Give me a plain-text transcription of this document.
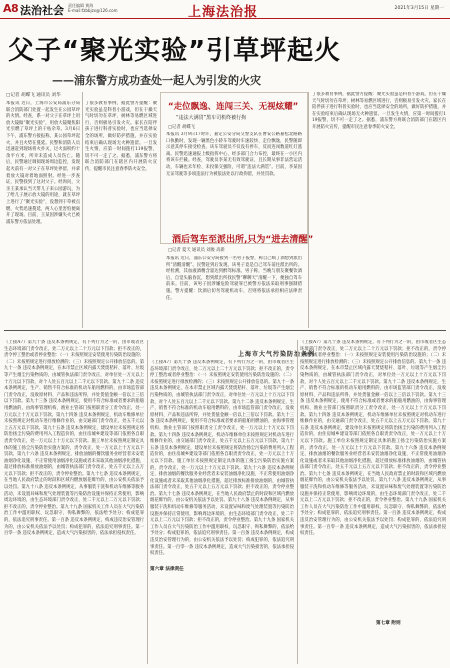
A8 法治社会 责任编辑 黄海
E-mail:fzbbjzx@126.com	上海法治报	2021年3月15日 星期一
父子“聚光实验”引草坪起火
——浦东警方成功查处一起人为引发的火灾
□记者 胡蝶飞 通讯员 刘华
本报讯 近日，上海市公安局浦东分局联合消防部门处置一起发生在公园草坪的火情。经查，系一对父子在草坪上用放大镜做“聚光实验”，用放大镜聚焦阳光引燃了草坪上的干枯杂草。3月6日下午，浦东警方接报称，某公园草坪起火，并且火势在蔓延。民警和消防人员迅速赶到现场将火扑灭，过火面积约十余平方米，所幸未造成人员伤亡。随后，民警通过调阅现场周边监控，发现起火前有一对父子在草坪处停留，并拿着放大镜对着地面照射。经进一步查证，民警找到了这对父子。经询问，父亲王某承认当天带儿子来公园游玩，为了给儿子展示放大镜的用途，就在草坪上进行了“聚光实验”，没想到干草被点燃，火势迅速蔓延，两人心里害怕便离开了现场。目前，王某因涉嫌失火已被浦东警方依法处理。
了很多教育事例，据此警方提醒：聚光实验虽是科普小游戏，但在干燥天气时切勿在草坪、树林等易燃区域进行，否则极易引发火灾。家长在陪伴孩子进行科普实验时，也应当选择安全的场所，做好防护措施，并在实验结束后确认现场无火种遗留。一旦发生火情，应第一时间拨打119报警，切不可一走了之。据悉，浦东警方将联合消防部门在辖区内开展防火宣传，提醒市民注意春季防火安全。
“走位飘逸、连闯三关、无视炫耀”
“违法大满贯”黑车司机终被行拘
□记者 胡蝶飞
本报讯 3月9日17时许，嘉定公安分局交警支队在曹安公路嘉松北路路口执勤时，发现一辆黑色小轿车驾驶时车速较快、走位飘逸，民警随即示意其停车接受检查，该车驾驶员不仅没有停车，反而连闯数道红灯逃离。民警迅速通报上级指挥中心，经多部门合力布控，最终在一小区内将该车拦截。经查，驾驶员李某无有效驾驶证，且长期从事非法营运活动，车辆也未年检、未投保交强险，可谓“违法大满贯”。目前，李某因无证驾驶等多项违法行为被依法处以行政拘留，并处罚款。
酒后驾车至派出所,只为“进去清醒”
□记者 夏天 通讯员 刘俊 高新
本报讯 近日，浦东公安分局接到一名男子报警，称自己喝了酒想到派出所“清醒清醒”。民警赶到后发现，该男子竟是自己驾车前往派出所的。经检测，其血液酒精含量达到醉驾标准。男子称，当晚与朋友聚餐饮酒后，自觉头脑昏沉，想到派出所找民警“聊聊天”清醒一下，便独自驾车前来。目前，该男子因涉嫌危险驾驶罪已被警方依法采取刑事强制措施。警方提醒：饮酒后切勿驾驶机动车，否则将依法承担相应法律责任。
了很多教育事例，据此警方提醒：聚光实验虽是科普小游戏，但在干燥天气时切勿在草坪、树林等易燃区域进行，否则极易引发火灾。家长在陪伴孩子进行科普实验时，也应当选择安全的场所，做好防护措施，并在实验结束后确认现场无火种遗留。一旦发生火情，应第一时间拨打119报警，切不可一走了之。据悉，浦东警方将联合消防部门在辖区内开展防火宣传，提醒市民注意春季防火安全。
上海市大气污染防治条例
（上接A7）第九十条 违反本条例规定，有下列行为之一的，由市或者区生态环境部门责令改正，处二万元以上二十万元以下罚款；拒不改正的，责令停工整治或者停业整治：（一）未按照规定安装使用污染防治设施的；（二）未按照规定进行排放检测的；（三）未按照规定公开排放信息的。第九十一条 违反本条例规定，在本市禁止区域内露天焚烧秸秆、落叶、垃圾等产生烟尘污染物质的，由城管执法部门责令改正，对单位处一万元以上十万元以下罚款，对个人处五百元以上二千元以下罚款。第九十二条 违反本条例规定，生产、销售不符合标准的机动车船用燃料的，由市场监管部门责令改正，没收原材料、产品和违法所得，并处货值金额一倍以上三倍以下罚款。第九十三条 违反本条例规定，使用不符合标准或者要求的船舶用燃油的，由海事管理机构、渔业主管部门按照职责分工责令改正，处一万元以上十万元以下罚款。第九十四条 违反本条例规定，机动车维修单位未按照规定对机动车进行维修作业的，由交通部门责令改正，处五千元以上五万元以下罚款。第九十五条 违反本条例规定，建设单位未按照规定将防治扬尘污染的费用列入工程造价的，由住房城乡建设等部门依照各自职责责令改正，处一万元以上十万元以下罚款。施工单位未按照规定制定具体的施工扬尘污染防治实施方案的，责令改正，处一万元以上十万元以下罚款。第九十六条 违反本条例规定，排放油烟的餐饮服务业经营者未安装油烟净化设施、不正常使用油烟净化设施或者未采取其他油烟净化措施，超过排放标准排放油烟的，由城管执法部门责令改正，处五千元以上五万元以下罚款；拒不改正的，责令停业整治。第九十七条 违反本条例规定，在当地人民政府禁止的时段和区域内燃放烟花爆竹的，由公安机关依法予以处罚。第九十八条 违反本条例规定，从事服装干洗和机动车维修等服务活动，未设置异味和废气处理装置等污染防治设施并保持正常使用，影响周边环境的，由生态环境部门责令改正，处二千元以上二万元以下罚款；拒不改正的，责令停业整治。第九十九条 国家机关工作人员在大气污染防治工作中滥用职权、玩忽职守、徇私舞弊的，依法给予处分；构成犯罪的，依法追究刑事责任。第一百条 违反本条例规定，构成违反治安管理行为的，由公安机关依法予以处罚；构成犯罪的，依法追究刑事责任。第一百零一条 违反本条例规定，造成大气污染损害的，依法承担侵权责任。
（上接A7）第九十条 违反本条例规定，有下列行为之一的，由市或者区生态环境部门责令改正，处二万元以上二十万元以下罚款；拒不改正的，责令停工整治或者停业整治：（一）未按照规定安装使用污染防治设施的；（二）未按照规定进行排放检测的；（三）未按照规定公开排放信息的。第九十一条 违反本条例规定，在本市禁止区域内露天焚烧秸秆、落叶、垃圾等产生烟尘污染物质的，由城管执法部门责令改正，对单位处一万元以上十万元以下罚款，对个人处五百元以上二千元以下罚款。第九十二条 违反本条例规定，生产、销售不符合标准的机动车船用燃料的，由市场监管部门责令改正，没收原材料、产品和违法所得，并处货值金额一倍以上三倍以下罚款。第九十三条 违反本条例规定，使用不符合标准或者要求的船舶用燃油的，由海事管理机构、渔业主管部门按照职责分工责令改正，处一万元以上十万元以下罚款。第九十四条 违反本条例规定，机动车维修单位未按照规定对机动车进行维修作业的，由交通部门责令改正，处五千元以上五万元以下罚款。第九十五条 违反本条例规定，建设单位未按照规定将防治扬尘污染的费用列入工程造价的，由住房城乡建设等部门依照各自职责责令改正，处一万元以上十万元以下罚款。施工单位未按照规定制定具体的施工扬尘污染防治实施方案的，责令改正，处一万元以上十万元以下罚款。第九十六条 违反本条例规定，排放油烟的餐饮服务业经营者未安装油烟净化设施、不正常使用油烟净化设施或者未采取其他油烟净化措施，超过排放标准排放油烟的，由城管执法部门责令改正，处五千元以上五万元以下罚款；拒不改正的，责令停业整治。第九十七条 违反本条例规定，在当地人民政府禁止的时段和区域内燃放烟花爆竹的，由公安机关依法予以处罚。第九十八条 违反本条例规定，从事服装干洗和机动车维修等服务活动，未设置异味和废气处理装置等污染防治设施并保持正常使用，影响周边环境的，由生态环境部门责令改正，处二千元以上二万元以下罚款；拒不改正的，责令停业整治。第九十九条 国家机关工作人员在大气污染防治工作中滥用职权、玩忽职守、徇私舞弊的，依法给予处分；构成犯罪的，依法追究刑事责任。第一百条 违反本条例规定，构成违反治安管理行为的，由公安机关依法予以处罚；构成犯罪的，依法追究刑事责任。第一百零一条 违反本条例规定，造成大气污染损害的，依法承担侵权责任。
第六章 法律责任
（上接A7）第九十条 违反本条例规定，有下列行为之一的，由市或者区生态环境部门责令改正，处二万元以上二十万元以下罚款；拒不改正的，责令停工整治或者停业整治：（一）未按照规定安装使用污染防治设施的；（二）未按照规定进行排放检测的；（三）未按照规定公开排放信息的。第九十一条 违反本条例规定，在本市禁止区域内露天焚烧秸秆、落叶、垃圾等产生烟尘污染物质的，由城管执法部门责令改正，对单位处一万元以上十万元以下罚款，对个人处五百元以上二千元以下罚款。第九十二条 违反本条例规定，生产、销售不符合标准的机动车船用燃料的，由市场监管部门责令改正，没收原材料、产品和违法所得，并处货值金额一倍以上三倍以下罚款。第九十三条 违反本条例规定，使用不符合标准或者要求的船舶用燃油的，由海事管理机构、渔业主管部门按照职责分工责令改正，处一万元以上十万元以下罚款。第九十四条 违反本条例规定，机动车维修单位未按照规定对机动车进行维修作业的，由交通部门责令改正，处五千元以上五万元以下罚款。第九十五条 违反本条例规定，建设单位未按照规定将防治扬尘污染的费用列入工程造价的，由住房城乡建设等部门依照各自职责责令改正，处一万元以上十万元以下罚款。施工单位未按照规定制定具体的施工扬尘污染防治实施方案的，责令改正，处一万元以上十万元以下罚款。第九十六条 违反本条例规定，排放油烟的餐饮服务业经营者未安装油烟净化设施、不正常使用油烟净化设施或者未采取其他油烟净化措施，超过排放标准排放油烟的，由城管执法部门责令改正，处五千元以上五万元以下罚款；拒不改正的，责令停业整治。第九十七条 违反本条例规定，在当地人民政府禁止的时段和区域内燃放烟花爆竹的，由公安机关依法予以处罚。第九十八条 违反本条例规定，从事服装干洗和机动车维修等服务活动，未设置异味和废气处理装置等污染防治设施并保持正常使用，影响周边环境的，由生态环境部门责令改正，处二千元以上二万元以下罚款；拒不改正的，责令停业整治。第九十九条 国家机关工作人员在大气污染防治工作中滥用职权、玩忽职守、徇私舞弊的，依法给予处分；构成犯罪的，依法追究刑事责任。第一百条 违反本条例规定，构成违反治安管理行为的，由公安机关依法予以处罚；构成犯罪的，依法追究刑事责任。第一百零一条 违反本条例规定，造成大气污染损害的，依法承担侵权责任。
第七章 附则
